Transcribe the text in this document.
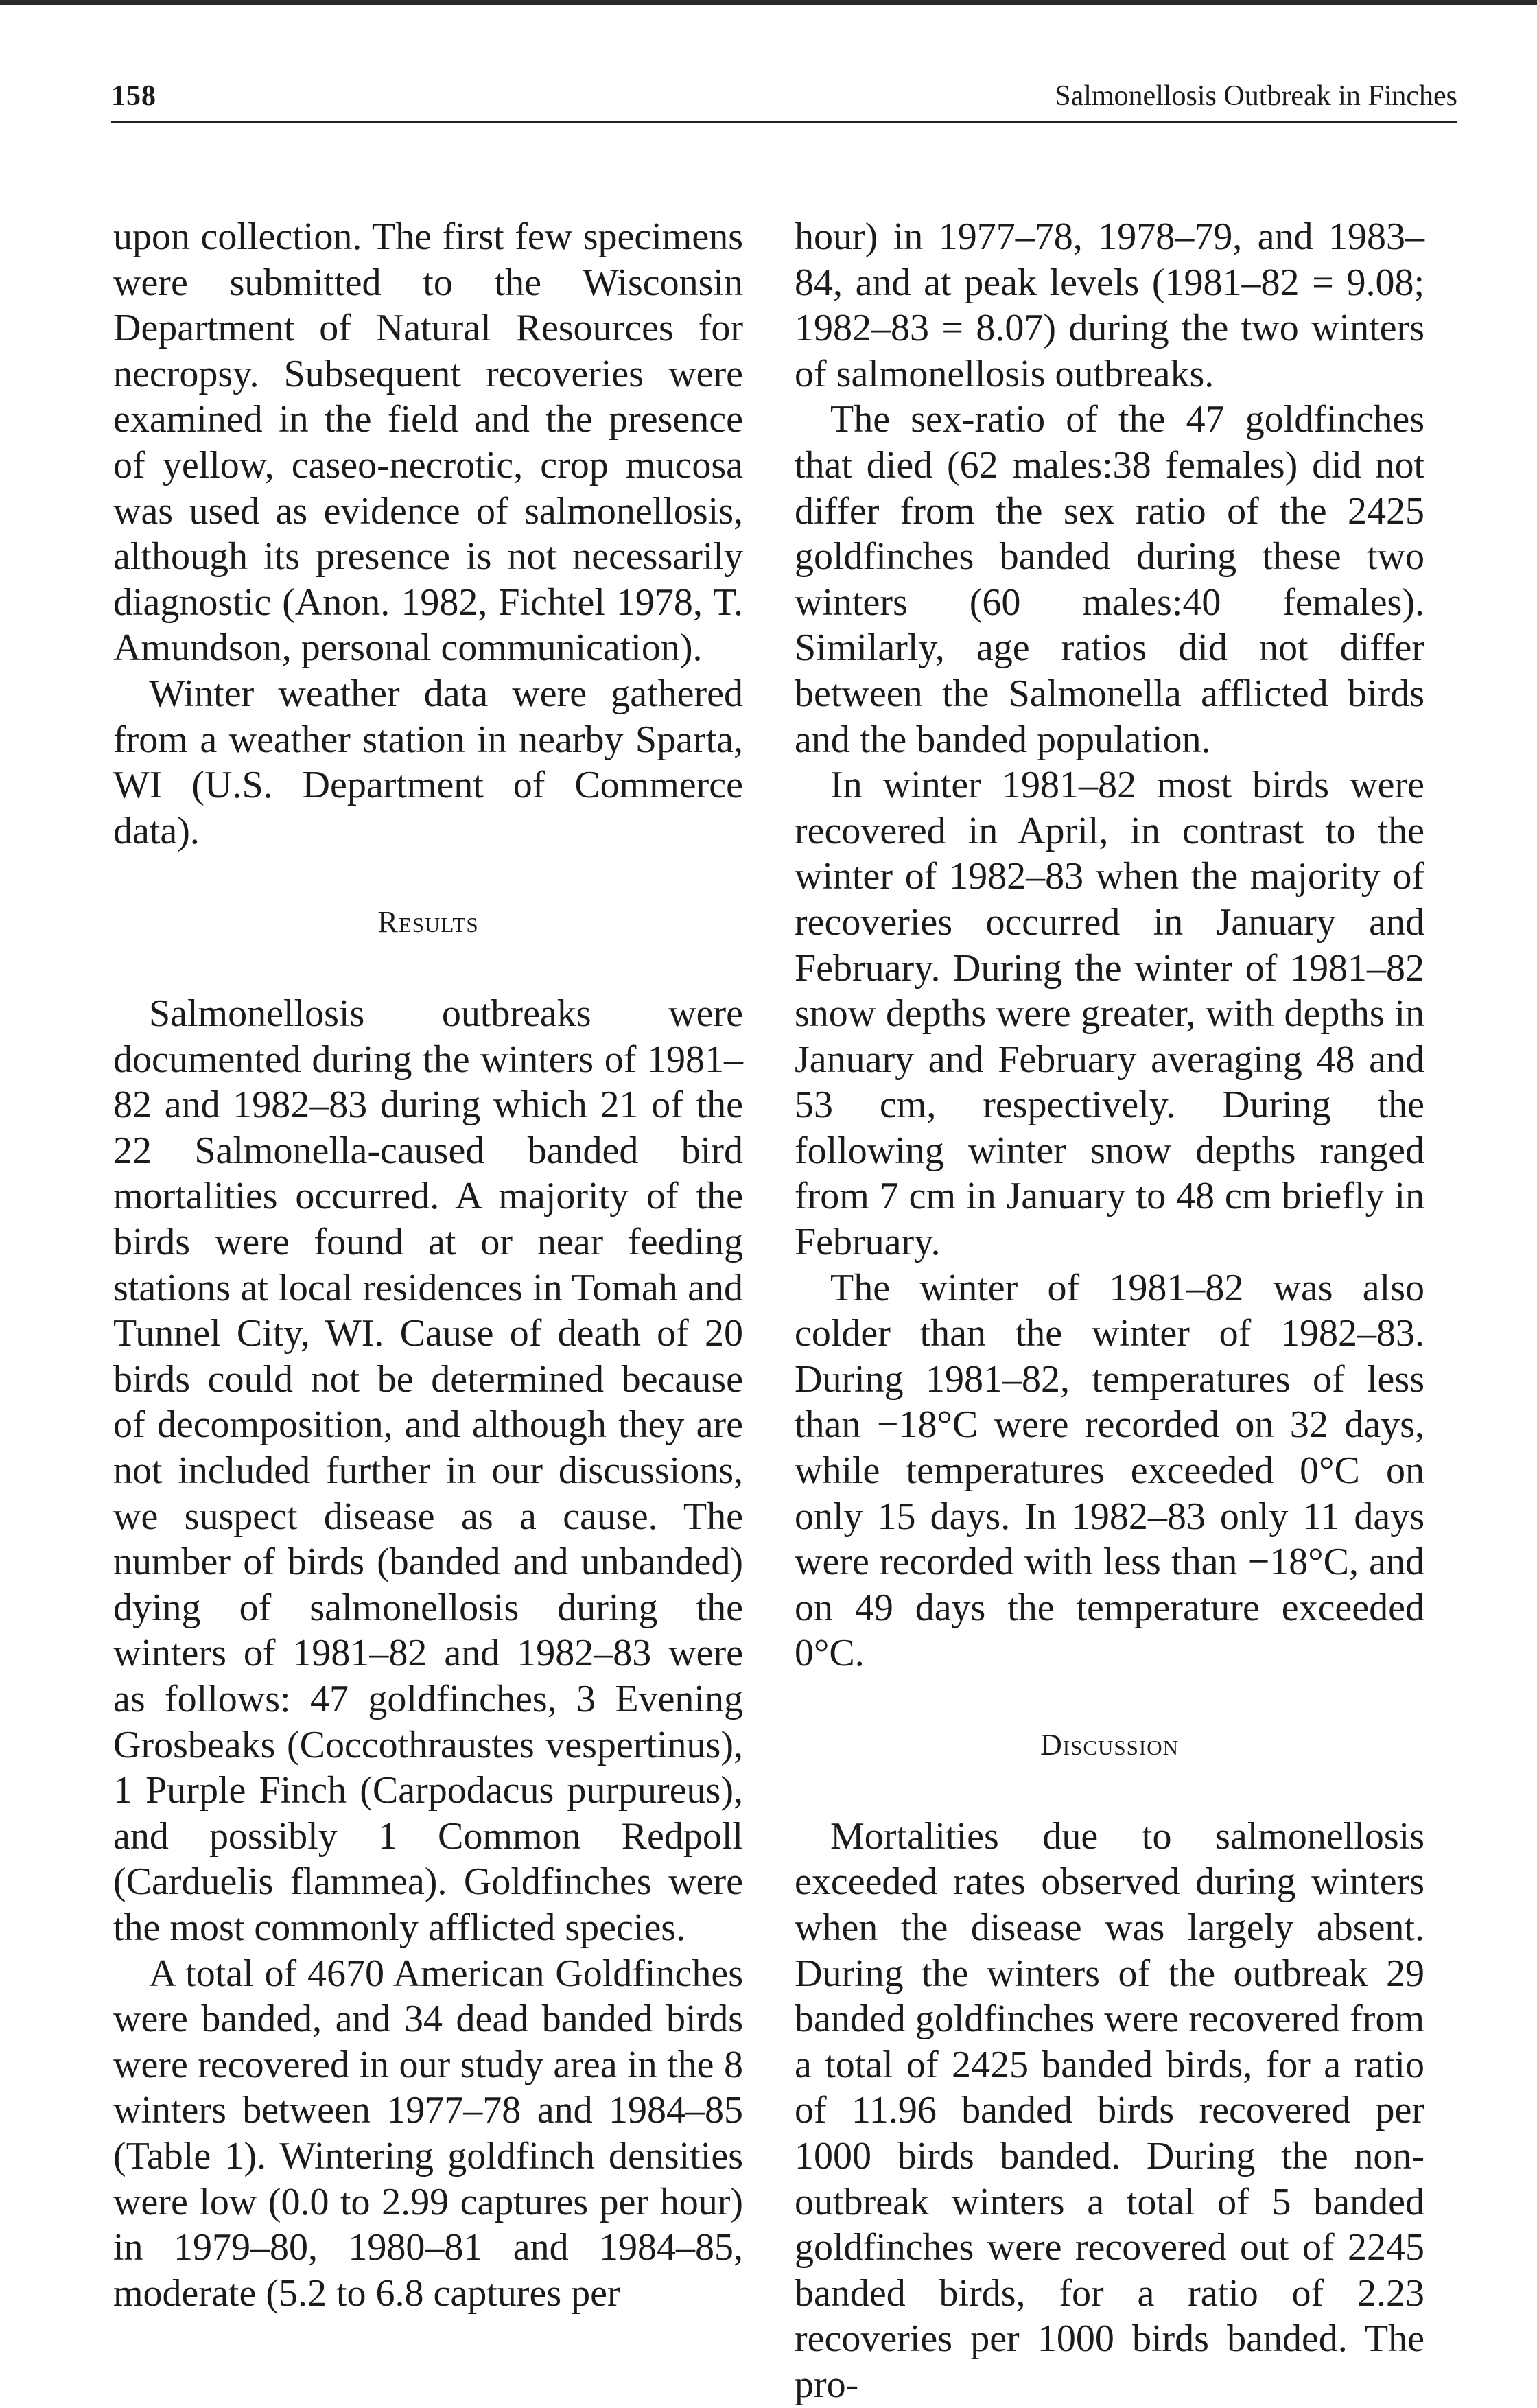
158	Salmonellosis Outbreak in Finches

upon collection. The first few specimens were submitted to the Wisconsin Department of Natural Resources for necropsy. Subsequent recoveries were examined in the field and the presence of yellow, caseo-necrotic, crop mucosa was used as evidence of salmonellosis, although its presence is not necessarily diagnostic (Anon. 1982, Fichtel 1978, T. Amundson, personal communication).

Winter weather data were gathered from a weather station in nearby Sparta, WI (U.S. Department of Commerce data).

Results

Salmonellosis outbreaks were documented during the winters of 1981–82 and 1982–83 during which 21 of the 22 Salmonella-caused banded bird mortalities occurred. A majority of the birds were found at or near feeding stations at local residences in Tomah and Tunnel City, WI. Cause of death of 20 birds could not be determined because of decomposition, and although they are not included further in our discussions, we suspect disease as a cause. The number of birds (banded and unbanded) dying of salmonellosis during the winters of 1981–82 and 1982–83 were as follows: 47 goldfinches, 3 Evening Grosbeaks (Coccothraustes vespertinus), 1 Purple Finch (Carpodacus purpureus), and possibly 1 Common Redpoll (Carduelis flammea). Goldfinches were the most commonly afflicted species.

A total of 4670 American Goldfinches were banded, and 34 dead banded birds were recovered in our study area in the 8 winters between 1977–78 and 1984–85 (Table 1). Wintering goldfinch densities were low (0.0 to 2.99 captures per hour) in 1979–80, 1980–81 and 1984–85, moderate (5.2 to 6.8 captures per

hour) in 1977–78, 1978–79, and 1983–84, and at peak levels (1981–82 = 9.08; 1982–83 = 8.07) during the two winters of salmonellosis outbreaks.

The sex-ratio of the 47 goldfinches that died (62 males:38 females) did not differ from the sex ratio of the 2425 goldfinches banded during these two winters (60 males:40 females). Similarly, age ratios did not differ between the Salmonella afflicted birds and the banded population.

In winter 1981–82 most birds were recovered in April, in contrast to the winter of 1982–83 when the majority of recoveries occurred in January and February. During the winter of 1981–82 snow depths were greater, with depths in January and February averaging 48 and 53 cm, respectively. During the following winter snow depths ranged from 7 cm in January to 48 cm briefly in February.

The winter of 1981–82 was also colder than the winter of 1982–83. During 1981–82, temperatures of less than −18°C were recorded on 32 days, while temperatures exceeded 0°C on only 15 days. In 1982–83 only 11 days were recorded with less than −18°C, and on 49 days the temperature exceeded 0°C.

Discussion

Mortalities due to salmonellosis exceeded rates observed during winters when the disease was largely absent. During the winters of the outbreak 29 banded goldfinches were recovered from a total of 2425 banded birds, for a ratio of 11.96 banded birds recovered per 1000 birds banded. During the non-outbreak winters a total of 5 banded goldfinches were recovered out of 2245 banded birds, for a ratio of 2.23 recoveries per 1000 birds banded. The pro-
